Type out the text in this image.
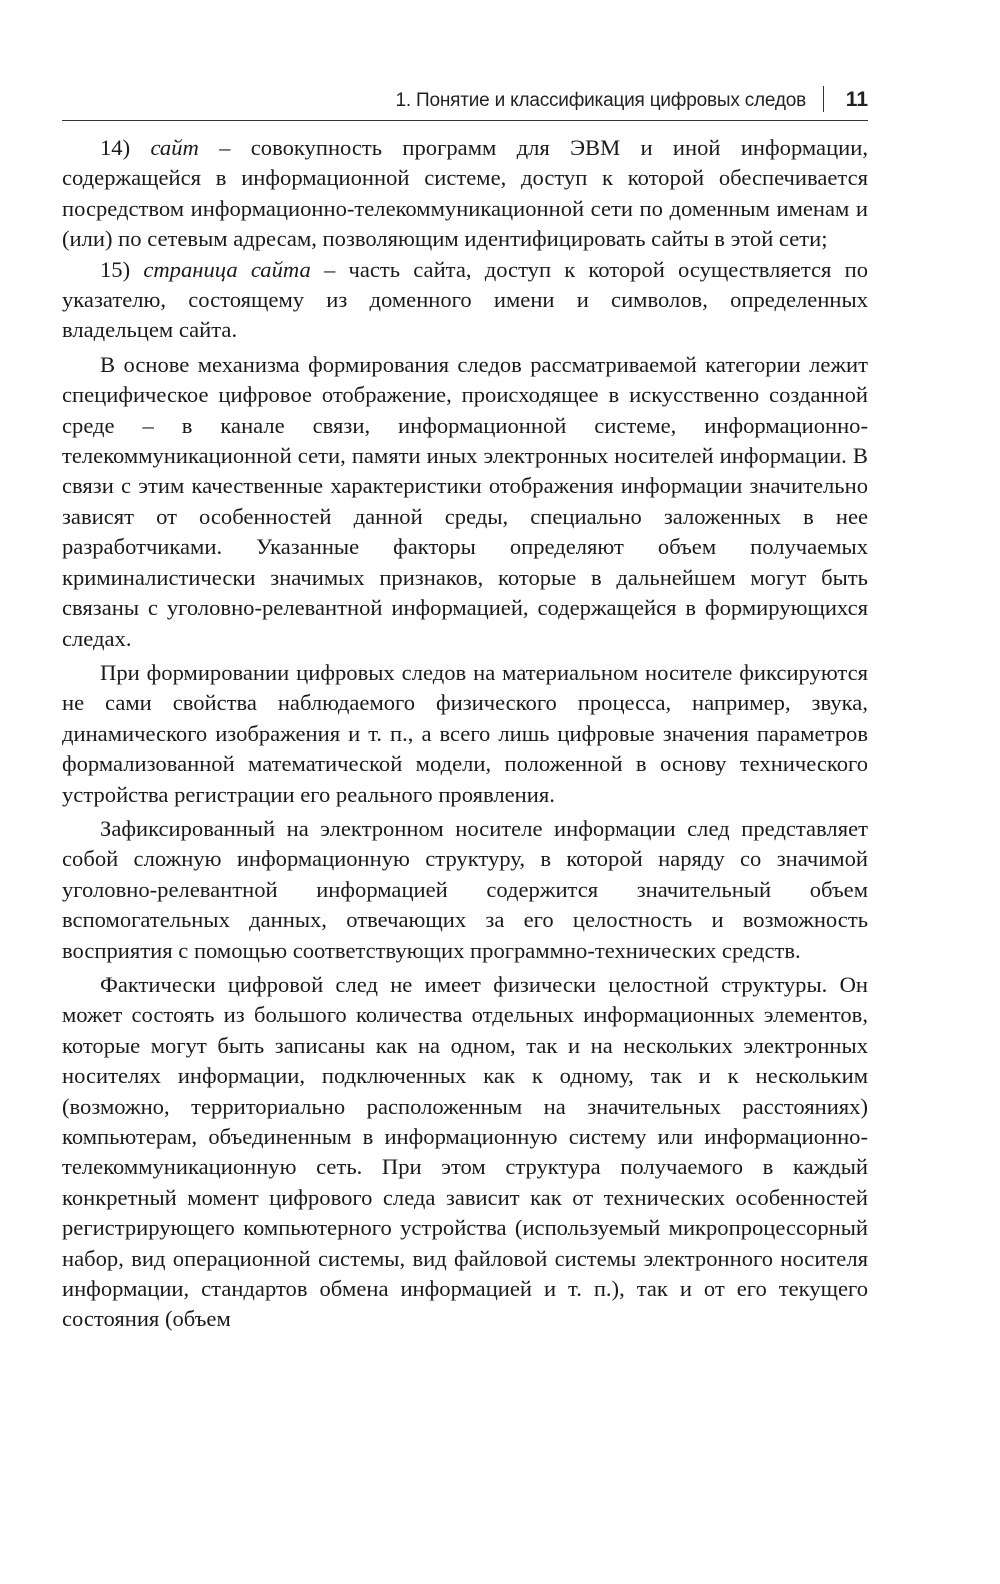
1. Понятие и классификация цифровых следов 11

14) сайт – совокупность программ для ЭВМ и иной информации, содержащейся в информационной системе, доступ к которой обеспечивается посредством информационно-телекоммуникационной сети по доменным именам и (или) по сетевым адресам, позволяющим идентифицировать сайты в этой сети;

15) страница сайта – часть сайта, доступ к которой осуществляется по указателю, состоящему из доменного имени и символов, определенных владельцем сайта.

В основе механизма формирования следов рассматриваемой категории лежит специфическое цифровое отображение, происходящее в искусственно созданной среде – в канале связи, информационной системе, информационно-телекоммуникационной сети, памяти иных электронных носителей информации. В связи с этим качественные характеристики отображения информации значительно зависят от особенностей данной среды, специально заложенных в нее разработчиками. Указанные факторы определяют объем получаемых криминалистически значимых признаков, которые в дальнейшем могут быть связаны с уголовно-релевантной информацией, содержащейся в формирующихся следах.

При формировании цифровых следов на материальном носителе фиксируются не сами свойства наблюдаемого физического процесса, например, звука, динамического изображения и т. п., а всего лишь цифровые значения параметров формализованной математической модели, положенной в основу технического устройства регистрации его реального проявления.

Зафиксированный на электронном носителе информации след представляет собой сложную информационную структуру, в которой наряду со значимой уголовно-релевантной информацией содержится значительный объем вспомогательных данных, отвечающих за его целостность и возможность восприятия с помощью соответствующих программно-технических средств.

Фактически цифровой след не имеет физически целостной структуры. Он может состоять из большого количества отдельных информационных элементов, которые могут быть записаны как на одном, так и на нескольких электронных носителях информации, подключенных как к одному, так и к нескольким (возможно, территориально расположенным на значительных расстояниях) компьютерам, объединенным в информационную систему или информационно-телекоммуникационную сеть. При этом структура получаемого в каждый конкретный момент цифрового следа зависит как от технических особенностей регистрирующего компьютерного устройства (используемый микропроцессорный набор, вид операционной системы, вид файловой системы электронного носителя информации, стандартов обмена информацией и т. п.), так и от его текущего состояния (объем
